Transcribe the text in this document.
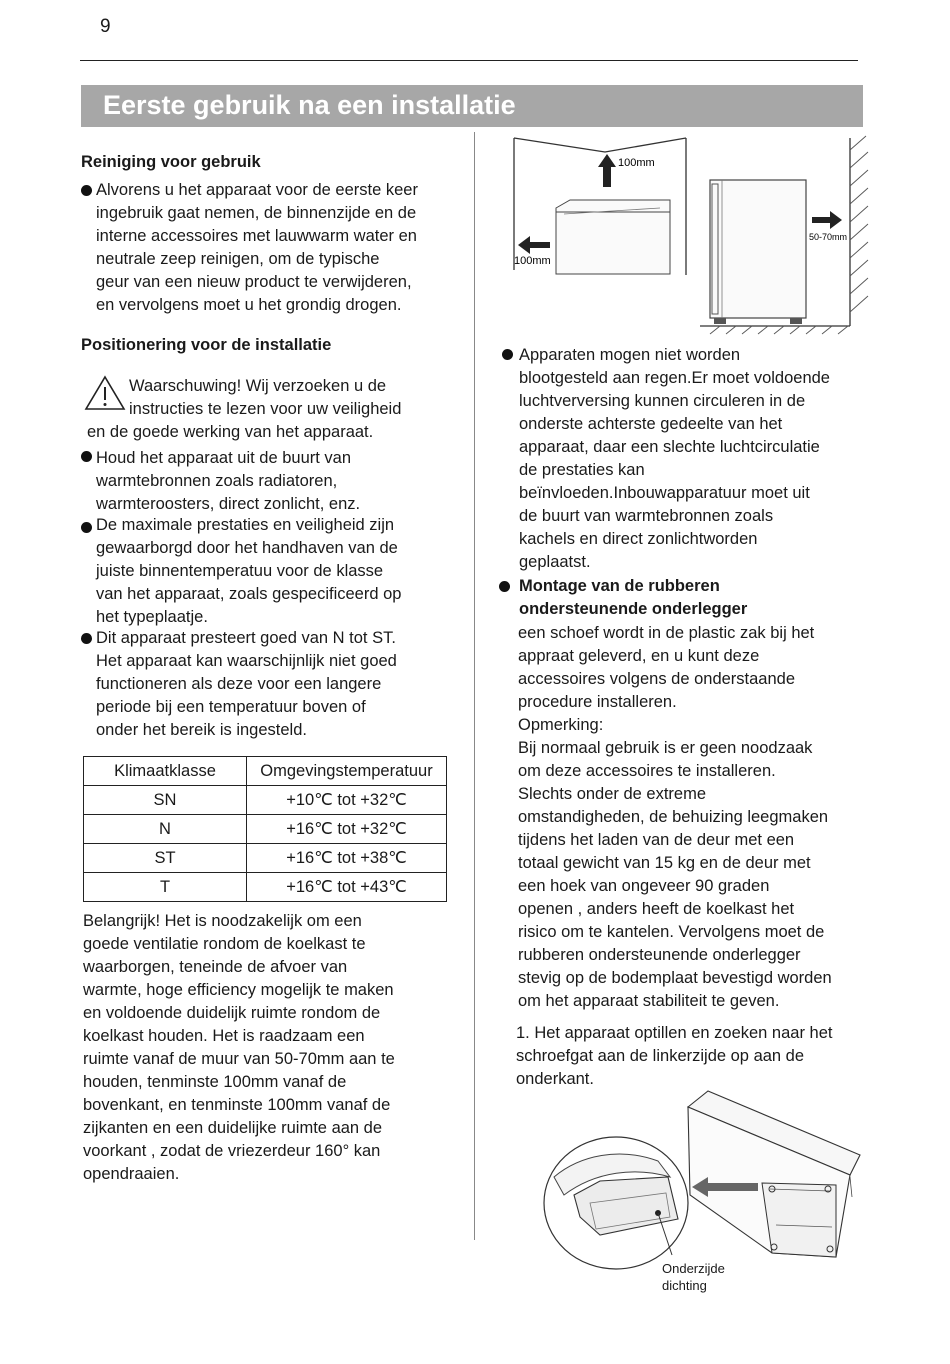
9
Eerste gebruik na een installatie
Reiniging voor gebruik
Alvorens u het apparaat voor de eerste keer
ingebruik gaat nemen, de binnenzijde en de
interne accessoires met lauwwarm water en
neutrale zeep reinigen, om de typische
geur van een nieuw product te verwijderen,
en vervolgens moet u het grondig drogen.
Positionering voor de installatie
Waarschuwing! Wij verzoeken u de
instructies te lezen voor uw veiligheid
en de goede werking van het apparaat.
Houd het apparaat uit de buurt van
warmtebronnen zoals radiatoren,
warmteroosters, direct zonlicht, enz.
De maximale prestaties en veiligheid zijn
gewaarborgd door het handhaven van de
juiste binnentemperatuu voor de klasse
van het apparaat, zoals gespecificeerd op
het typeplaatje.
Dit apparaat presteert goed van N tot ST.
Het apparaat kan waarschijnlijk niet goed
functioneren als deze voor een langere
periode bij een temperatuur boven of
onder het bereik is ingesteld.
Klimaatklasse	Omgevingstemperatuur
SN	+10℃ tot +32℃
N	+16℃ tot +32℃
ST	+16℃ tot +38℃
T	+16℃ tot +43℃
Belangrijk! Het is noodzakelijk om een
goede ventilatie rondom de koelkast te
waarborgen, teneinde de afvoer van
warmte, hoge efficiency mogelijk te maken
en voldoende duidelijk ruimte rondom de
koelkast houden. Het is raadzaam een
ruimte vanaf de muur van 50-70mm aan te
houden, tenminste 100mm vanaf de
bovenkant, en tenminste 100mm vanaf de
zijkanten en een duidelijke ruimte aan de
voorkant , zodat de vriezerdeur 160° kan
opendraaien.
100mm
100mm
50-70mm
Apparaten mogen niet worden
blootgesteld aan regen.Er moet voldoende
luchtverversing kunnen circuleren in de
onderste achterste gedeelte van het
apparaat, daar een slechte luchtcirculatie
de prestaties kan
beïnvloeden.Inbouwapparatuur moet uit
de buurt van warmtebronnen zoals
kachels en direct zonlichtworden
geplaatst.
Montage van de rubberen
ondersteunende onderlegger
een schoef wordt in de plastic zak bij het
appraat geleverd, en u kunt deze
accessoires volgens de onderstaande
procedure installeren.
Opmerking:
Bij normaal gebruik is er geen noodzaak
om deze accessoires te installeren.
Slechts onder de extreme
omstandigheden, de behuizing leegmaken
tijdens het laden van de deur met een
totaal gewicht van 15 kg en de deur met
een hoek van ongeveer 90 graden
openen , anders heeft de koelkast het
risico om te kantelen. Vervolgens moet de
rubberen ondersteunende onderlegger
stevig op de bodemplaat bevestigd worden
om het apparaat stabiliteit te geven.
1. Het apparaat optillen en zoeken naar het
schroefgat aan de linkerzijde op aan de
onderkant.
Onderzijde
dichting
